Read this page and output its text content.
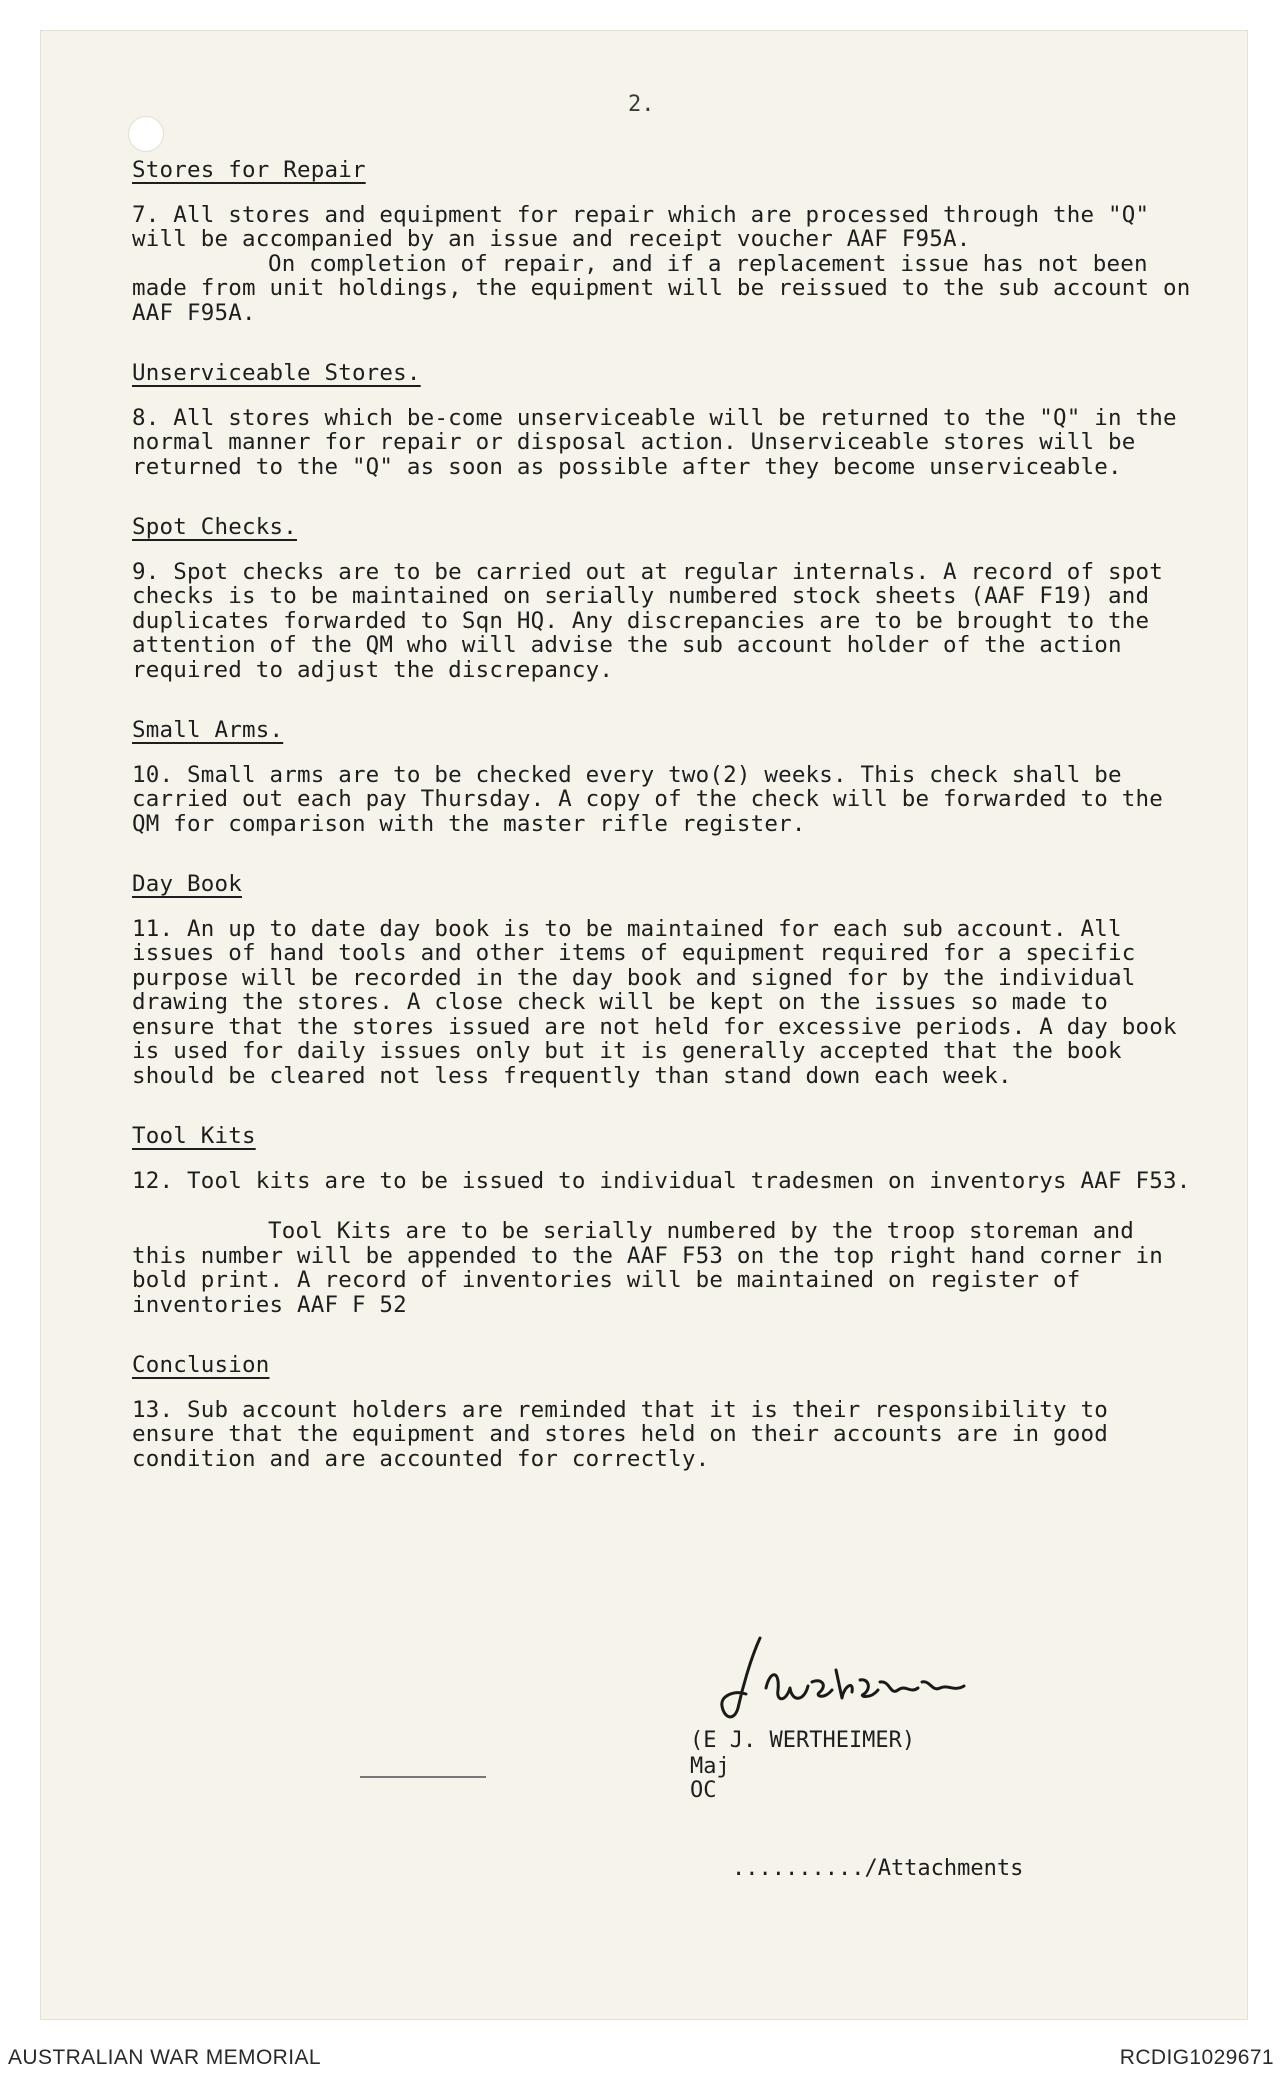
2.
Stores for Repair
7. All stores and equipment for repair which are processed through the "Q" will be accompanied by an issue and receipt voucher AAF F95A.
On completion of repair, and if a replacement issue has not been made from unit holdings, the equipment will be reissued to the sub account on AAF F95A.
Unserviceable Stores.
8. All stores which be-come unserviceable will be returned to the "Q" in the normal manner for repair or disposal action. Unserviceable stores will be returned to the "Q" as soon as possible after they become unserviceable.
Spot Checks.
9. Spot checks are to be carried out at regular internals. A record of spot checks is to be maintained on serially numbered stock sheets (AAF F19) and duplicates forwarded to Sqn HQ. Any discrepancies are to be brought to the attention of the QM who will advise the sub account holder of the action required to adjust the discrepancy.
Small Arms.
10. Small arms are to be checked every two(2) weeks. This check shall be carried out each pay Thursday. A copy of the check will be forwarded to the QM for comparison with the master rifle register.
Day Book
11. An up to date day book is to be maintained for each sub account. All issues of hand tools and other items of equipment required for a specific purpose will be recorded in the day book and signed for by the individual drawing the stores. A close check will be kept on the issues so made to ensure that the stores issued are not held for excessive periods. A day book is used for daily issues only but it is generally accepted that the book should be cleared not less frequently than stand down each week.
Tool Kits
12. Tool kits are to be issued to individual tradesmen on inventorys AAF F53.
Tool Kits are to be serially numbered by the troop storeman and this number will be appended to the AAF F53 on the top right hand corner in bold print. A record of inventories will be maintained on register of inventories AAF F 52
Conclusion
13. Sub account holders are reminded that it is their responsibility to ensure that the equipment and stores held on their accounts are in good condition and are accounted for correctly.
(E J. WERTHEIMER)
Maj
OC
........../Attachments
AUSTRALIAN WAR MEMORIAL	RCDIG1029671
